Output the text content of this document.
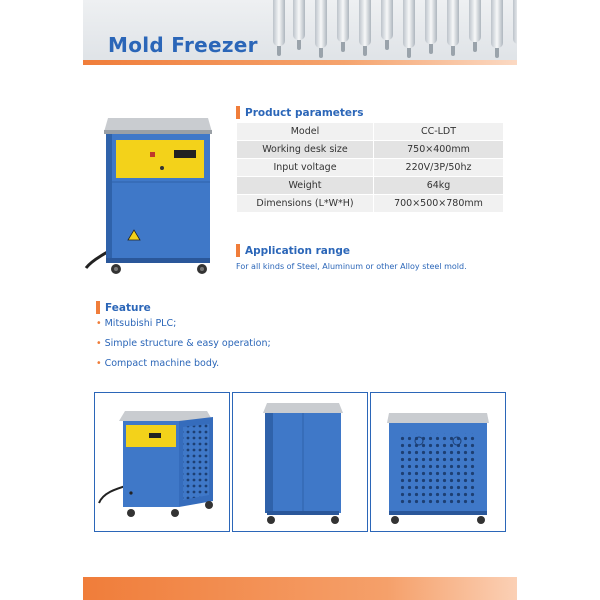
Mold Freezer
Product parameters
Model	CC-LDT
Working desk size	750×400mm
Input voltage	220V/3P/50hz
Weight	64kg
Dimensions (L*W*H)	700×500×780mm
Application range
For all kinds of Steel, Aluminum or other Alloy steel mold.
Feature
• Mitsubishi PLC;
• Simple structure & easy operation;
• Compact machine body.
